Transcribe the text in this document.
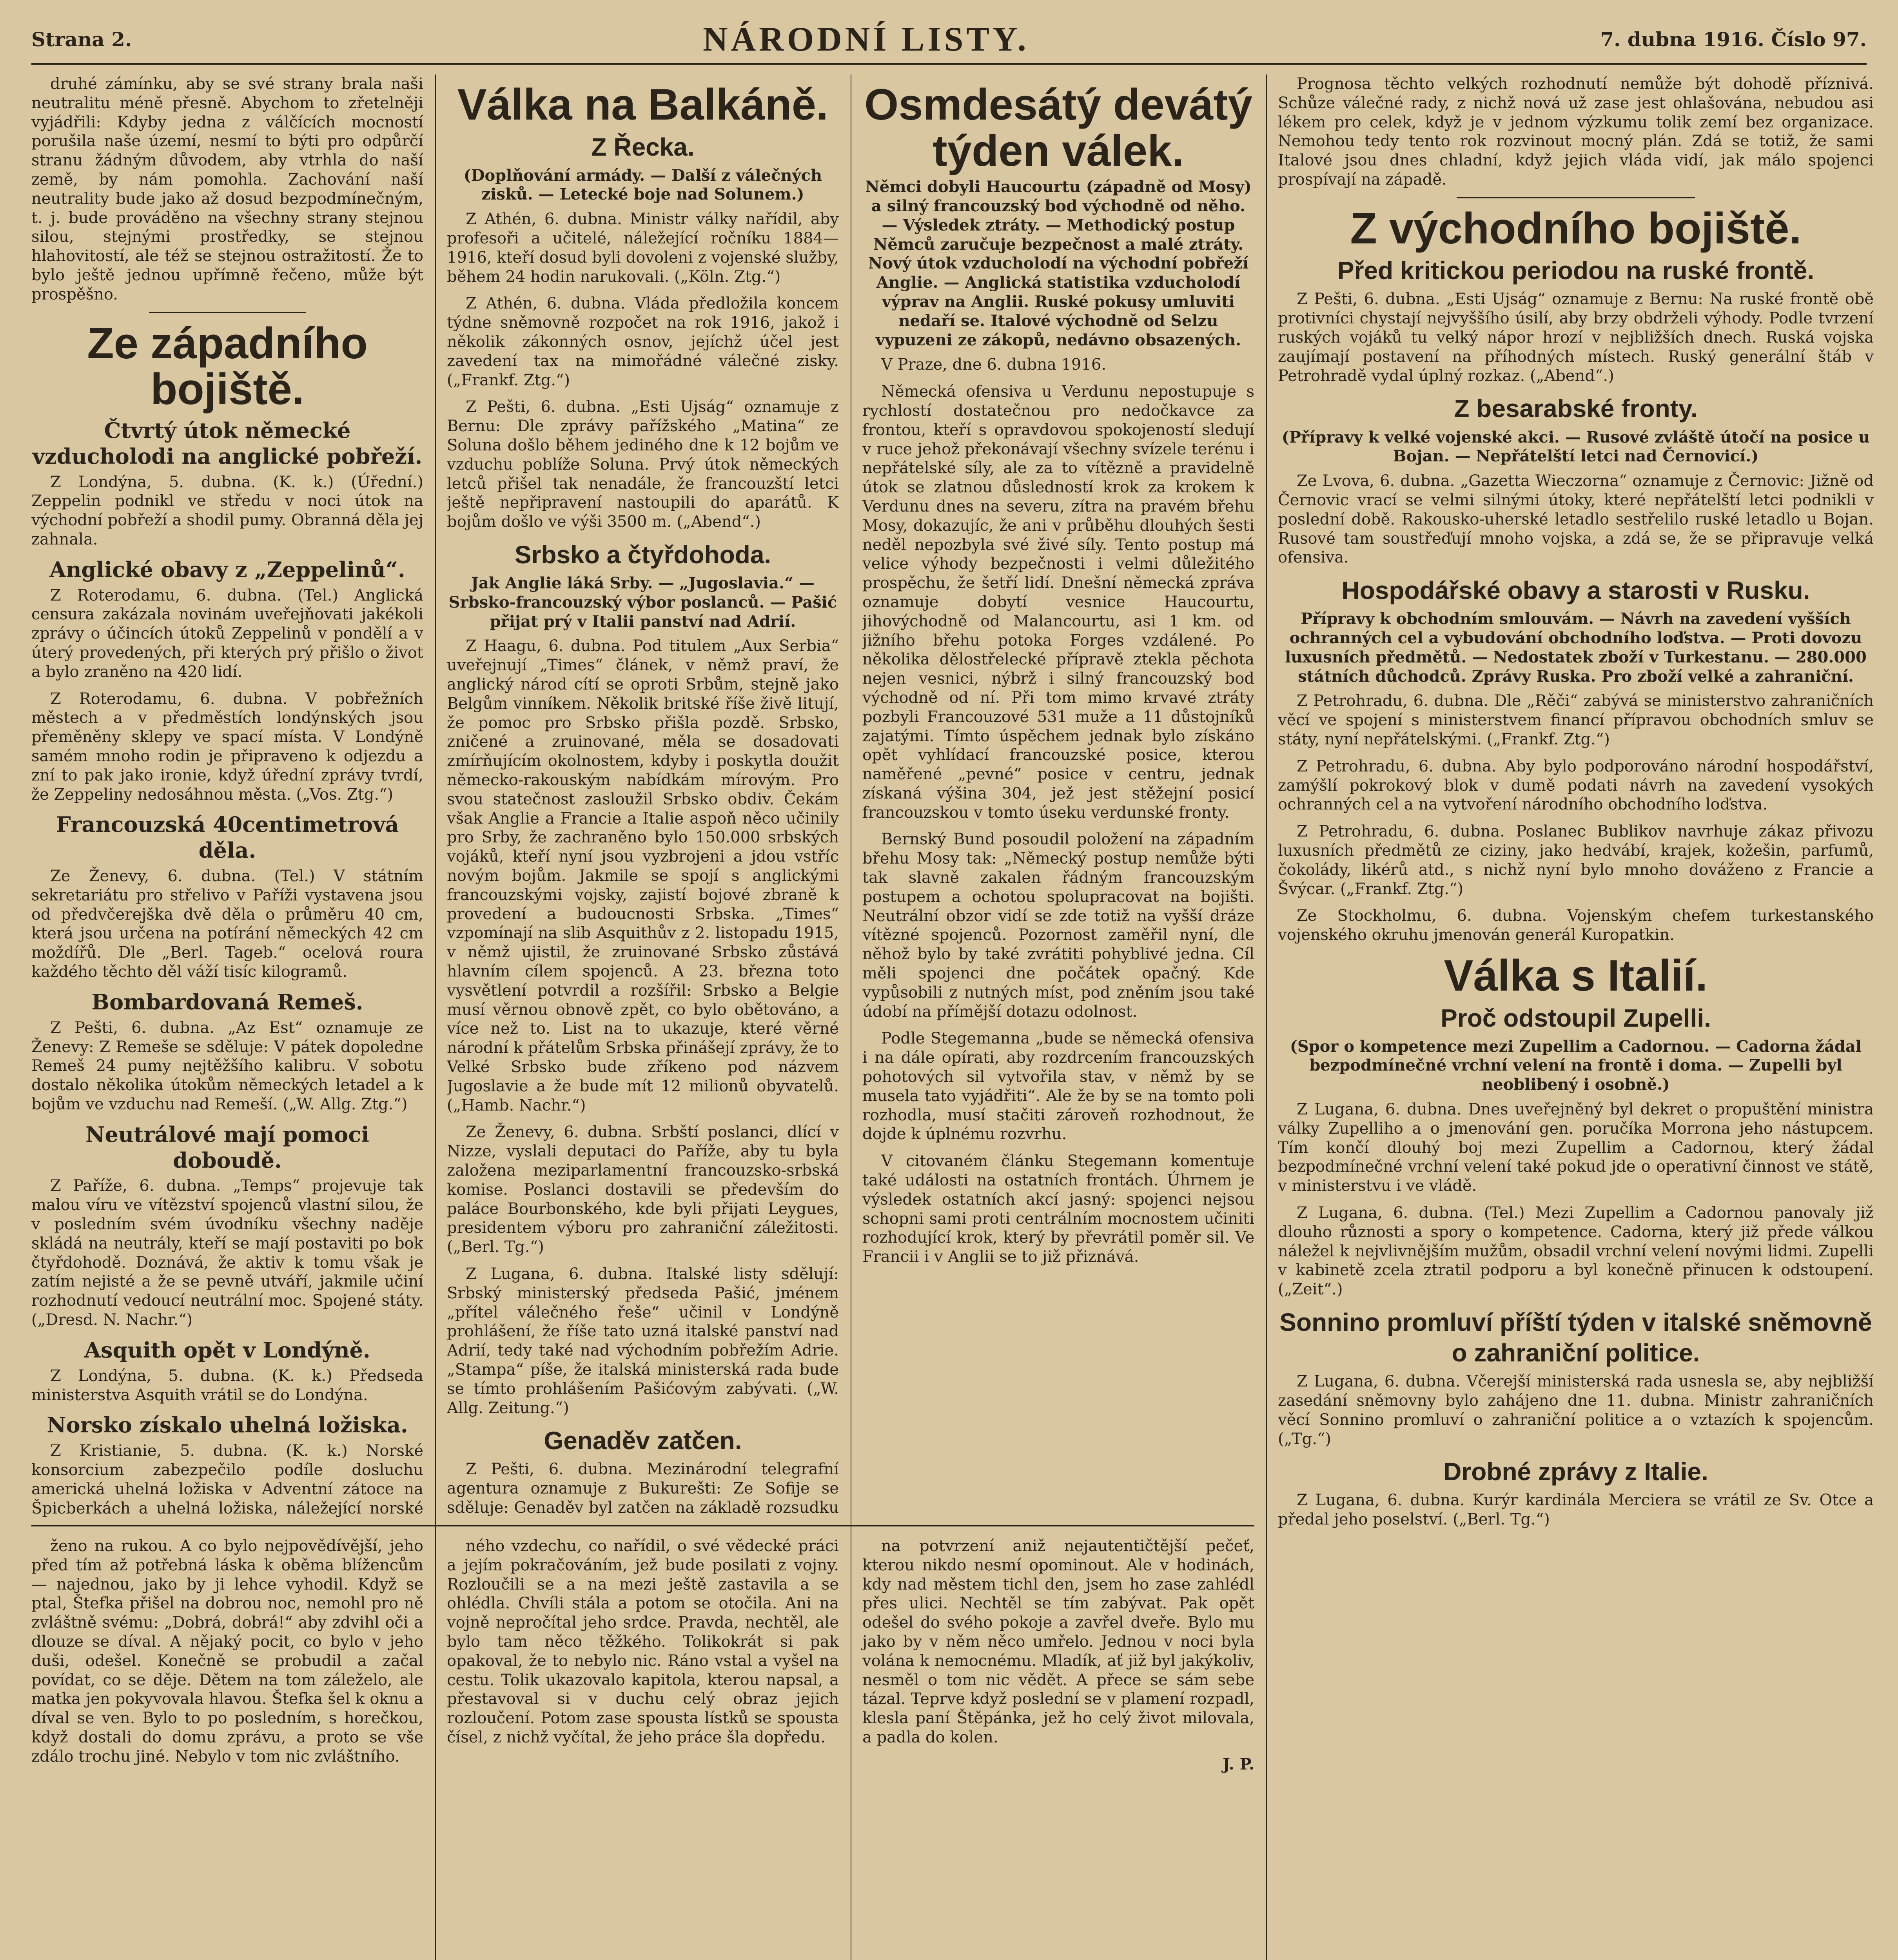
Strana 2.	NÁRODNÍ LISTY.	7. dubna 1916. Číslo 97.

druhé zámínku, aby se své strany brala naši neutralitu méně přesně. Abychom to zřetelněji vyjádřili: Kdyby jedna z válčících mocností porušila naše území, nesmí to býti pro odpůrčí stranu žádným důvodem, aby vtrhla do naší země, by nám pomohla. Zachování naší neutrality bude jako až dosud bezpodmínečným, t. j. bude prováděno na všechny strany stejnou silou, stejnými prostředky, se stejnou hlahovitostí, ale též se stejnou ostražitostí. Že to bylo ještě jednou upřímně řečeno, může být prospěšno.

Ze západního bojiště.
Čtvrtý útok německé vzducholodi na anglické pobřeží.

Z Londýna, 5. dubna. (K. k.) (Úřední.) Zeppelin podnikl ve středu v noci útok na východní pobřeží a shodil pumy. Obranná děla jej zahnala.

Anglické obavy z „Zeppelinů“.

Z Roterodamu, 6. dubna. (Tel.) Anglická censura zakázala novinám uveřejňovati jakékoli zprávy o účincích útoků Zeppelinů v pondělí a v úterý provedených, při kterých prý přišlo o život a bylo zraněno na 420 lidí.

Z Roterodamu, 6. dubna. V pobřežních městech a v předměstích londýnských jsou přeměněny sklepy ve spací místa. V Londýně samém mnoho rodin je připraveno k odjezdu a zní to pak jako ironie, když úřední zprávy tvrdí, že Zeppeliny nedosáhnou města. („Vos. Ztg.“)

Francouzská 40centimetrová děla.

Ze Ženevy, 6. dubna. (Tel.) V státním sekretariátu pro střelivo v Paříži vystavena jsou od předvčerejška dvě děla o průměru 40 cm, která jsou určena na potírání německých 42 cm moždířů. Dle „Berl. Tageb.“ ocelová roura každého těchto děl váží tisíc kilogramů.

Bombardovaná Remeš.

Z Pešti, 6. dubna. „Az Est“ oznamuje ze Ženevy: Z Remeše se sděluje: V pátek dopoledne Remeš 24 pumy nejtěžšího kalibru. V sobotu dostalo několika útokům německých letadel a k bojům ve vzduchu nad Remeší. („W. Allg. Ztg.“)

Neutrálové mají pomoci doboudě.

Z Paříže, 6. dubna. „Temps“ projevuje tak malou víru ve vítězství spojenců vlastní silou, že v posledním svém úvodníku všechny naděje skládá na neutrály, kteří se mají postaviti po bok čtyřdohodě. Doznává, že aktiv k tomu však je zatím nejisté a že se pevně utváří, jakmile učiní rozhodnutí vedoucí neutrální moc. Spojené státy. („Dresd. N. Nachr.“)

Asquith opět v Londýně.

Z Londýna, 5. dubna. (K. k.) Předseda ministerstva Asquith vrátil se do Londýna.

Norsko získalo uhelná ložiska.

Z Kristianie, 5. dubna. (K. k.) Norské konsorcium zabezpečilo podíle dosluchu americká uhelná ložiska v Adventní zátoce na Špicberkách a uhelná ložiska, náležející norské

Válka na Balkáně.
Z Řecka.
(Doplňování armády. — Další z válečných zisků. — Letecké boje nad Solunem.)

Z Athén, 6. dubna. Ministr války nařídil, aby profesoři a učitelé, náležející ročníku 1884—1916, kteří dosud byli dovoleni z vojenské služby, během 24 hodin narukovali. („Köln. Ztg.“)

Z Athén, 6. dubna. Vláda předložila koncem týdne sněmovně rozpočet na rok 1916, jakož i několik zákonných osnov, jejíchž účel jest zavedení tax na mimořádné válečné zisky. („Frankf. Ztg.“)

Z Pešti, 6. dubna. „Esti Ujság“ oznamuje z Bernu: Dle zprávy pařížského „Matina“ ze Soluna došlo během jediného dne k 12 bojům ve vzduchu poblíže Soluna. Prvý útok německých letců přišel tak nenadále, že francouzští letci ještě nepřipravení nastoupili do aparátů. K bojům došlo ve výši 3500 m. („Abend“.)

Srbsko a čtyřdohoda.
Jak Anglie láká Srby. — „Jugoslavia.“ — Srbsko-francouzský výbor poslanců. — Pašić přijat prý v Italii panství nad Adrií.

Z Haagu, 6. dubna. Pod titulem „Aux Serbia“ uveřejnují „Times“ článek, v němž praví, že anglický národ cítí se oproti Srbům, stejně jako Belgům vinníkem. Několik britské říše živě litují, že pomoc pro Srbsko přišla pozdě. Srbsko, zničené a zruinované, měla se dosadovati zmírňujícím okolnostem, kdyby i poskytla doužit německo-rakouským nabídkám mírovým. Pro svou statečnost zasloužil Srbsko obdiv. Čekám však Anglie a Francie a Italie aspoň něco učinily pro Srby, že zachraněno bylo 150.000 srbských vojáků, kteří nyní jsou vyzbrojeni a jdou vstříc novým bojům. Jakmile se spojí s anglickými francouzskými vojsky, zajistí bojové zbraně k provedení a budoucnosti Srbska. „Times“ vzpomínají na slib Asquithův z 2. listopadu 1915, v němž ujistil, že zruinované Srbsko zůstává hlavním cílem spojenců. A 23. března toto vysvětlení potvrdil a rozšířil: Srbsko a Belgie musí věrnou obnově zpět, co bylo obětováno, a více než to. List na to ukazuje, které věrné národní k přátelům Srbska přinášejí zprávy, že to Velké Srbsko bude zříkeno pod názvem Jugoslavie a že bude mít 12 milionů obyvatelů. („Hamb. Nachr.“)

Ze Ženevy, 6. dubna. Srbští poslanci, dlící v Nizze, vyslali deputaci do Paříže, aby tu byla založena meziparlamentní francouzsko-srbská komise. Poslanci dostavili se především do paláce Bourbonského, kde byli přijati Leygues, presidentem výboru pro zahraniční záležitosti. („Berl. Tg.“)

Z Lugana, 6. dubna. Italské listy sdělují: Srbský ministerský předseda Pašić, jménem „přítel válečného řeše“ učinil v Londýně prohlášení, že říše tato uzná italské panství nad Adrií, tedy také nad východním pobřežím Adrie. „Stampa“ píše, že italská ministerská rada bude se tímto prohlášením Pašićovým zabývati. („W. Allg. Zeitung.“)

Genaděv zatčen.

Z Pešti, 6. dubna. Mezinárodní telegrafní agentura oznamuje z Bukurešti: Ze Sofije se sděluje: Genaděv byl zatčen na základě rozsudku

Osmdesátý devátý týden válek.
Němci dobyli Haucourtu (západně od Mosy) a silný francouzský bod východně od něho. — Výsledek ztráty. — Methodický postup Němců zaručuje bezpečnost a malé ztráty. Nový útok vzducholodí na východní pobřeží Anglie. — Anglická statistika vzducholodí výprav na Anglii. Ruské pokusy umluviti nedaří se. Italové východně od Selzu vypuzeni ze zákopů, nedávno obsazených.

V Praze, dne 6. dubna 1916.

Německá ofensiva u Verdunu nepostupuje s rychlostí dostatečnou pro nedočkavce za frontou, kteří s opravdovou spokojeností sledují v ruce jehož překonávají všechny svízele terénu i nepřátelské síly, ale za to vítězně a pravidelně útok se zlatnou důsledností krok za krokem k Verdunu dnes na severu, zítra na pravém břehu Mosy, dokazujíc, že ani v průběhu dlouhých šesti neděl nepozbyla své živé síly. Tento postup má velice výhody bezpečnosti i velmi důležitého prospěchu, že šetří lidí. Dnešní německá zpráva oznamuje dobytí vesnice Haucourtu, jihovýchodně od Malancourtu, asi 1 km. od jižního břehu potoka Forges vzdálené. Po několika dělostřelecké přípravě ztekla pěchota nejen vesnici, nýbrž i silný francouzský bod východně od ní. Při tom mimo krvavé ztráty pozbyli Francouzové 531 muže a 11 důstojníků zajatými. Tímto úspěchem jednak bylo získáno opět vyhlídací francouzské posice, kterou naměřené „pevné“ posice v centru, jednak získaná výšina 304, jež jest stěžejní posicí francouzskou v tomto úseku verdunské fronty.

Bernský Bund posoudil položení na západním břehu Mosy tak: „Německý postup nemůže býti tak slavně zakalen řádným francouzským postupem a ochotou spolupracovat na bojišti. Neutrální obzor vidí se zde totiž na vyšší dráze vítězné spojenců. Pozornost zaměřil nyní, dle něhož bylo by také zvrátiti pohyblivé jedna. Cíl měli spojenci dne počátek opačný. Kde vypůsobili z nutných míst, pod zněním jsou také údobí na přímější dotazu odolnost.

Podle Stegemanna „bude se německá ofensiva i na dále opírati, aby rozdrcením francouzských pohotových sil vytvořila stav, v němž by se musela tato vyjádřiti“. Ale že by se na tomto poli rozhodla, musí stačiti zároveň rozhodnout, že dojde k úplnému rozvrhu.

V citovaném článku Stegemann komentuje také události na ostatních frontách. Úhrnem je výsledek ostatních akcí jasný: spojenci nejsou schopni sami proti centrálním mocnostem učiniti rozhodující krok, který by převrátil poměr sil. Ve Francii i v Anglii se to již přiznává.

Prognosa těchto velkých rozhodnutí nemůže být dohodě příznivá. Schůze válečné rady, z nichž nová už zase jest ohlašována, nebudou asi lékem pro celek, když je v jednom výzkumu tolik zemí bez organizace. Nemohou tedy tento rok rozvinout mocný plán. Zdá se totiž, že sami Italové jsou dnes chladní, když jejich vláda vidí, jak málo spojenci prospívají na západě.

Z východního bojiště.
Před kritickou periodou na ruské frontě.

Z Pešti, 6. dubna. „Esti Ujság“ oznamuje z Bernu: Na ruské frontě obě protivníci chystají nejvyššího úsilí, aby brzy obdrželi výhody. Podle tvrzení ruských vojáků tu velký nápor hrozí v nejbližších dnech. Ruská vojska zaujímají postavení na příhodných místech. Ruský generální štáb v Petrohradě vydal úplný rozkaz. („Abend“.)

Z besarabské fronty.
(Přípravy k velké vojenské akci. — Rusové zvláště útočí na posice u Bojan. — Nepřátelští letci nad Černovicí.)

Ze Lvova, 6. dubna. „Gazetta Wieczorna“ oznamuje z Černovic: Jižně od Černovic vrací se velmi silnými útoky, které nepřátelští letci podnikli v poslední době. Rakousko-uherské letadlo sestřelilo ruské letadlo u Bojan. Rusové tam soustřeďují mnoho vojska, a zdá se, že se připravuje velká ofensiva.

Hospodářské obavy a starosti v Rusku.
Přípravy k obchodním smlouvám. — Návrh na zavedení vyšších ochranných cel a vybudování obchodního loďstva. — Proti dovozu luxusních předmětů. — Nedostatek zboží v Turkestanu. — 280.000 státních důchodců. Zprávy Ruska. Pro zboží velké a zahraniční.

Z Petrohradu, 6. dubna. Dle „Rěči“ zabývá se ministerstvo zahraničních věcí ve spojení s ministerstvem financí přípravou obchodních smluv se státy, nyní nepřátelskými. („Frankf. Ztg.“)

Z Petrohradu, 6. dubna. Aby bylo podporováno národní hospodářství, zamýšlí pokrokový blok v dumě podati návrh na zavedení vysokých ochranných cel a na vytvoření národního obchodního loďstva.

Z Petrohradu, 6. dubna. Poslanec Bublikov navrhuje zákaz přivozu luxusních předmětů ze ciziny, jako hedvábí, krajek, kožešin, parfumů, čokolády, likérů atd., s nichž nyní bylo mnoho dováženo z Francie a Švýcar. („Frankf. Ztg.“)

Ze Stockholmu, 6. dubna. Vojenským chefem turkestanského vojenského okruhu jmenován generál Kuropatkin.

Válka s Italií.
Proč odstoupil Zupelli.
(Spor o kompetence mezi Zupellim a Cadornou. — Cadorna žádal bezpodmínečné vrchní velení na frontě i doma. — Zupelli byl neoblibený i osobně.)

Z Lugana, 6. dubna. Dnes uveřejněný byl dekret o propuštění ministra války Zupelliho a o jmenování gen. poručíka Morrona jeho nástupcem. Tím končí dlouhý boj mezi Zupellim a Cadornou, který žádal bezpodmínečné vrchní velení také pokud jde o operativní činnost ve státě, v ministerstvu i ve vládě.

Z Lugana, 6. dubna. (Tel.) Mezi Zupellim a Cadornou panovaly již dlouho různosti a spory o kompetence. Cadorna, který již přede válkou náležel k nejvlivnějším mužům, obsadil vrchní velení novými lidmi. Zupelli v kabinetě zcela ztratil podporu a byl konečně přinucen k odstoupení. („Zeit“.)

Sonnino promluví příští týden v italské sněmovně o zahraniční politice.

Z Lugana, 6. dubna. Včerejší ministerská rada usnesla se, aby nejbližší zasedání sněmovny bylo zahájeno dne 11. dubna. Ministr zahraničních věcí Sonnino promluví o zahraniční politice a o vztazích k spojencům. („Tg.“)

Drobné zprávy z Italie.

Z Lugana, 6. dubna. Kurýr kardinála Merciera se vrátil ze Sv. Otce a předal jeho poselství. („Berl. Tg.“)

ženo na rukou. A co bylo nejpovědívější, jeho před tím až potřebná láska k oběma blížencům — najednou, jako by ji lehce vyhodil. Když se ptal, Štefka přišel na dobrou noc, nemohl pro ně zvláštně svému: „Dobrá, dobrá!“ aby zdvihl oči a dlouze se díval. A nějaký pocit, co bylo v jeho duši, odešel. Konečně se probudil a začal povídat, co se děje. Dětem na tom záleželo, ale matka jen pokyvovala hlavou. Štefka šel k oknu a díval se ven. Bylo to po posledním, s horečkou, když dostali do domu zprávu, a proto se vše zdálo trochu jiné. Nebylo v tom nic zvláštního.

ného vzdechu, co nařídil, o své vědecké práci a jejím pokračováním, jež bude posilati z vojny. Rozloučili se a na mezi ještě zastavila a se ohlédla. Chvíli stála a potom se otočila. Ani na vojně nepročítal jeho srdce. Pravda, nechtěl, ale bylo tam něco těžkého. Tolikokrát si pak opakoval, že to nebylo nic. Ráno vstal a vyšel na cestu. Tolik ukazovalo kapitola, kterou napsal, a přestavoval si v duchu celý obraz jejich rozloučení. Potom zase spousta lístků se spousta čísel, z nichž vyčítal, že jeho práce šla dopředu.

na potvrzení aniž nejautentičtější pečeť, kterou nikdo nesmí opominout. Ale v hodinách, kdy nad městem tichl den, jsem ho zase zahlédl přes ulici. Nechtěl se tím zabývat. Pak opět odešel do svého pokoje a zavřel dveře. Bylo mu jako by v něm něco umřelo. Jednou v noci byla volána k nemocnému. Mladík, ať již byl jakýkoliv, nesměl o tom nic vědět. A přece se sám sebe tázal. Teprve když poslední se v plamení rozpadl, klesla paní Štěpánka, jež ho celý život milovala, a padla do kolen.

J. P.
